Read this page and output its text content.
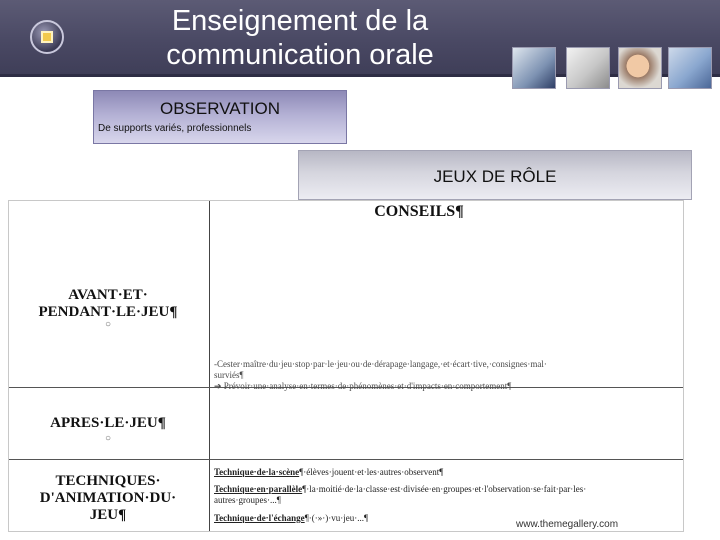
Enseignement de la
communication orale
OBSERVATION
De supports variés, professionnels
JEUX DE RÔLE
CONSEILS¶
AVANT·ET·
PENDANT·LE·JEU¶
○
APRES·LE·JEU¶
○
TECHNIQUES·
D'ANIMATION·DU·
JEU¶
-Cester·maître·du·jeu·stop·par·le·jeu·ou·de·dérapage·langage,·et·écart·tive,·consignes·mal·
surviés¶
➔ Prévoir·une·analyse·en·termes·de·phénomènes·et·d'impacts·en·comportement¶
Technique·de·la·scène¶·élèves·jouent·et·les·autres·observent¶
Technique·en·parallèle¶·la·moitié·de·la·classe·est·divisée·en·groupes·et·l'observation·se·fait·par·les·
autres·groupes·...¶
Technique·de·l'échange¶·(·»·)·vu·jeu·...¶
www.themegallery.com
